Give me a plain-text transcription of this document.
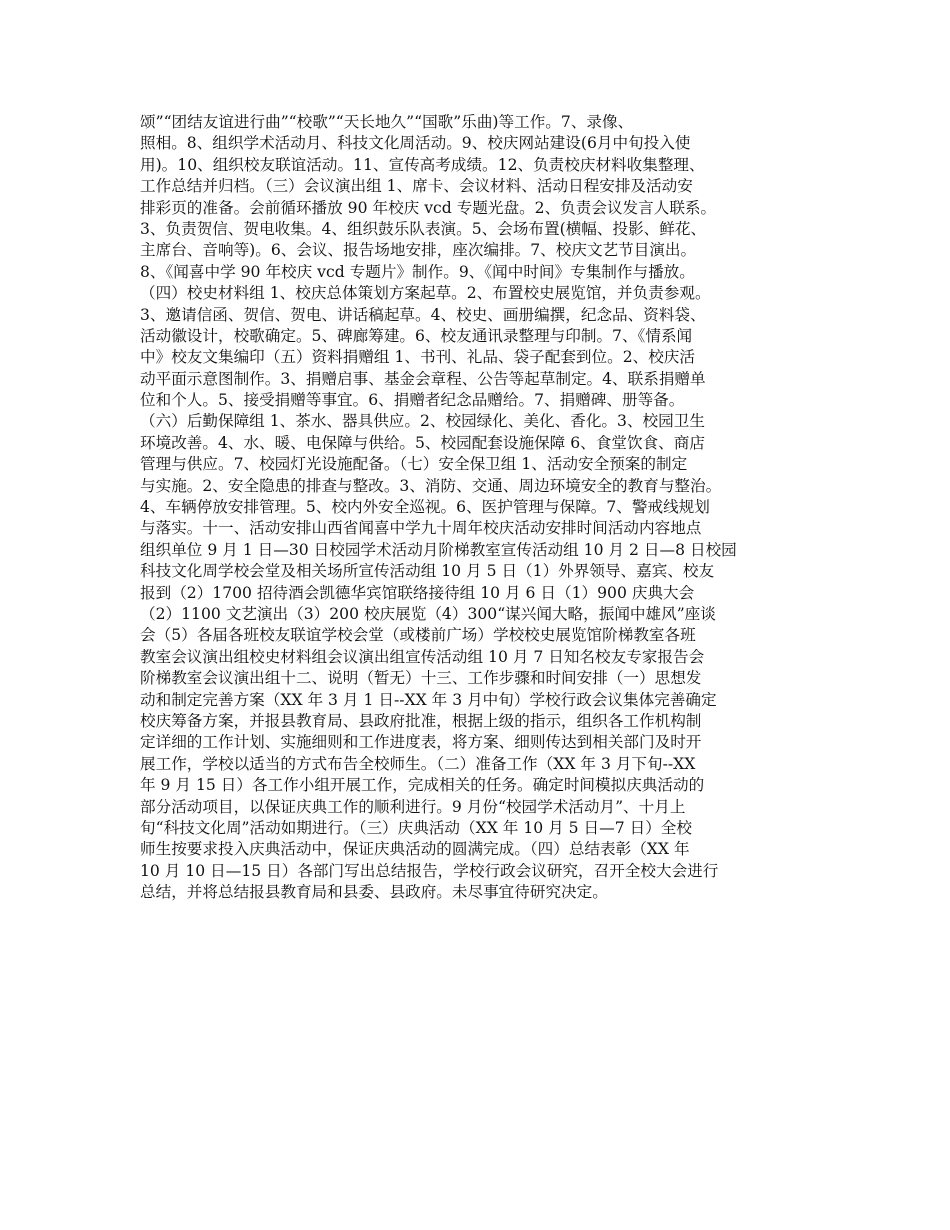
颂”“团结友谊进行曲”“校歌”“天长地久”“国歌”乐曲)等工作。7、录像、
照相。8、组织学术活动月、科技文化周活动。9、校庆网站建设(6月中旬投入使
用)。10、组织校友联谊活动。11、宣传高考成绩。12、负责校庆材料收集整理、
工作总结并归档。（三）会议演出组 1、席卡、会议材料、活动日程安排及活动安
排彩页的准备。会前循环播放 90 年校庆 vcd 专题光盘。2、负责会议发言人联系。
3、负责贺信、贺电收集。4、组织鼓乐队表演。5、会场布置(横幅、投影、鲜花、
主席台、音响等)。6、会议、报告场地安排，座次编排。7、校庆文艺节目演出。
8、《闻喜中学 90 年校庆 vcd 专题片》制作。9、《闻中时间》专集制作与播放。
（四）校史材料组 1、校庆总体策划方案起草。2、布置校史展览馆，并负责参观。
3、邀请信函、贺信、贺电、讲话稿起草。4、校史、画册编撰，纪念品、资料袋、
活动徽设计，校歌确定。5、碑廊筹建。6、校友通讯录整理与印制。7、《情系闻
中》校友文集编印（五）资料捐赠组 1、书刊、礼品、袋子配套到位。2、校庆活
动平面示意图制作。3、捐赠启事、基金会章程、公告等起草制定。4、联系捐赠单
位和个人。5、接受捐赠等事宜。6、捐赠者纪念品赠给。7、捐赠碑、册等备。
（六）后勤保障组 1、茶水、器具供应。2、校园绿化、美化、香化。3、校园卫生
环境改善。4、水、暖、电保障与供给。5、校园配套设施保障 6、食堂饮食、商店
管理与供应。7、校园灯光设施配备。（七）安全保卫组 1、活动安全预案的制定
与实施。2、安全隐患的排查与整改。3、消防、交通、周边环境安全的教育与整治。
4、车辆停放安排管理。5、校内外安全巡视。6、医护管理与保障。7、警戒线规划
与落实。十一、活动安排山西省闻喜中学九十周年校庆活动安排时间活动内容地点
组织单位 9 月 1 日—30 日校园学术活动月阶梯教室宣传活动组 10 月 2 日—8 日校园
科技文化周学校会堂及相关场所宣传活动组 10 月 5 日（1）外界领导、嘉宾、校友
报到（2）1700 招待酒会凯德华宾馆联络接待组 10 月 6 日（1）900 庆典大会
（2）1100 文艺演出（3）200 校庆展览（4）300“谋兴闻大略，振闻中雄风”座谈
会（5）各届各班校友联谊学校会堂（或楼前广场）学校校史展览馆阶梯教室各班
教室会议演出组校史材料组会议演出组宣传活动组 10 月 7 日知名校友专家报告会
阶梯教室会议演出组十二、说明（暂无）十三、工作步骤和时间安排（一）思想发
动和制定完善方案（XX 年 3 月 1 日--XX 年 3 月中旬）学校行政会议集体完善确定
校庆筹备方案，并报县教育局、县政府批准，根据上级的指示，组织各工作机构制
定详细的工作计划、实施细则和工作进度表，将方案、细则传达到相关部门及时开
展工作，学校以适当的方式布告全校师生。（二）准备工作（XX 年 3 月下旬--XX
年 9 月 15 日）各工作小组开展工作，完成相关的任务。确定时间模拟庆典活动的
部分活动项目，以保证庆典工作的顺利进行。9 月份“校园学术活动月”、十月上
旬“科技文化周”活动如期进行。（三）庆典活动（XX 年 10 月 5 日—7 日）全校
师生按要求投入庆典活动中，保证庆典活动的圆满完成。（四）总结表彰（XX 年
10 月 10 日—15 日）各部门写出总结报告，学校行政会议研究，召开全校大会进行
总结，并将总结报县教育局和县委、县政府。未尽事宜待研究决定。
